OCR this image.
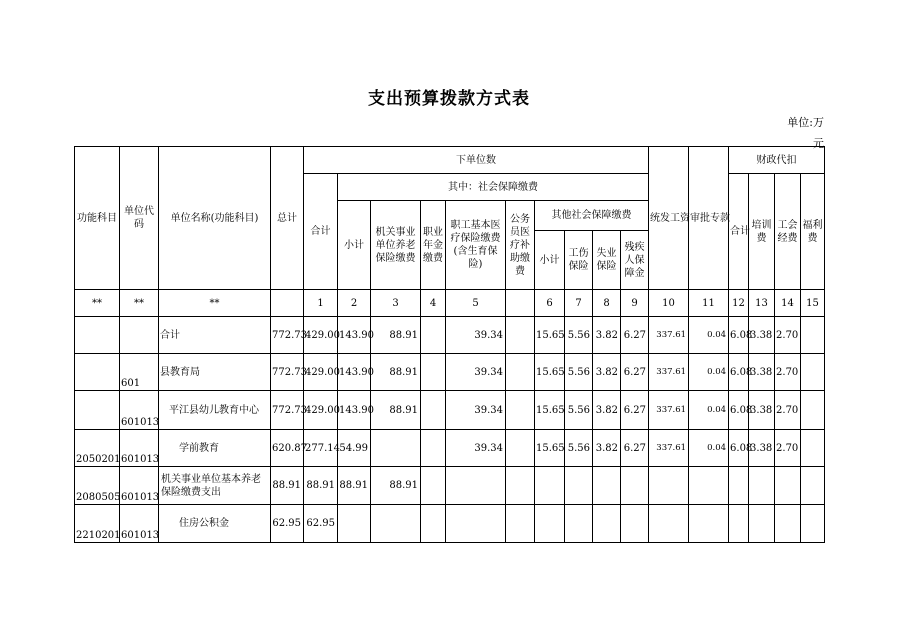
支出预算拨款方式表
单位:万
元
功能科目	单位代码	单位名称(功能科目)	总计	下单位数										统发工资	审批专款	财政代扣			
				合计	其中：社会保障缴费											合计	培训费	工会经费	福利费
					小计	机关事业单位养老保险缴费	职业年金缴费	职工基本医疗保险缴费(含生育保险)	公务员医疗补助缴费	其他社会保障缴费									
										小计	工伤保险	失业保险	残疾人保障金						

**	**	**		1	2	3	4	5		6	7	8	9	10	11	12	13	14	15
		合计	772.73	429.00	143.90	88.91		39.34		15.65	5.56	3.82	6.27	337.61	0.04	6.08	3.38	2.70	
	601	县教育局	772.73	429.00	143.90	88.91		39.34		15.65	5.56	3.82	6.27	337.61	0.04	6.08	3.38	2.70	
	601013	平江县幼儿教育中心	772.73	429.00	143.90	88.91		39.34		15.65	5.56	3.82	6.27	337.61	0.04	6.08	3.38	2.70	
2050201	601013	学前教育	620.87	277.14	54.99			39.34		15.65	5.56	3.82	6.27	337.61	0.04	6.08	3.38	2.70	
2080505	601013	机关事业单位基本养老保险缴费支出	88.91	88.91	88.91	88.91													
2210201	601013	住房公积金	62.95	62.95															
